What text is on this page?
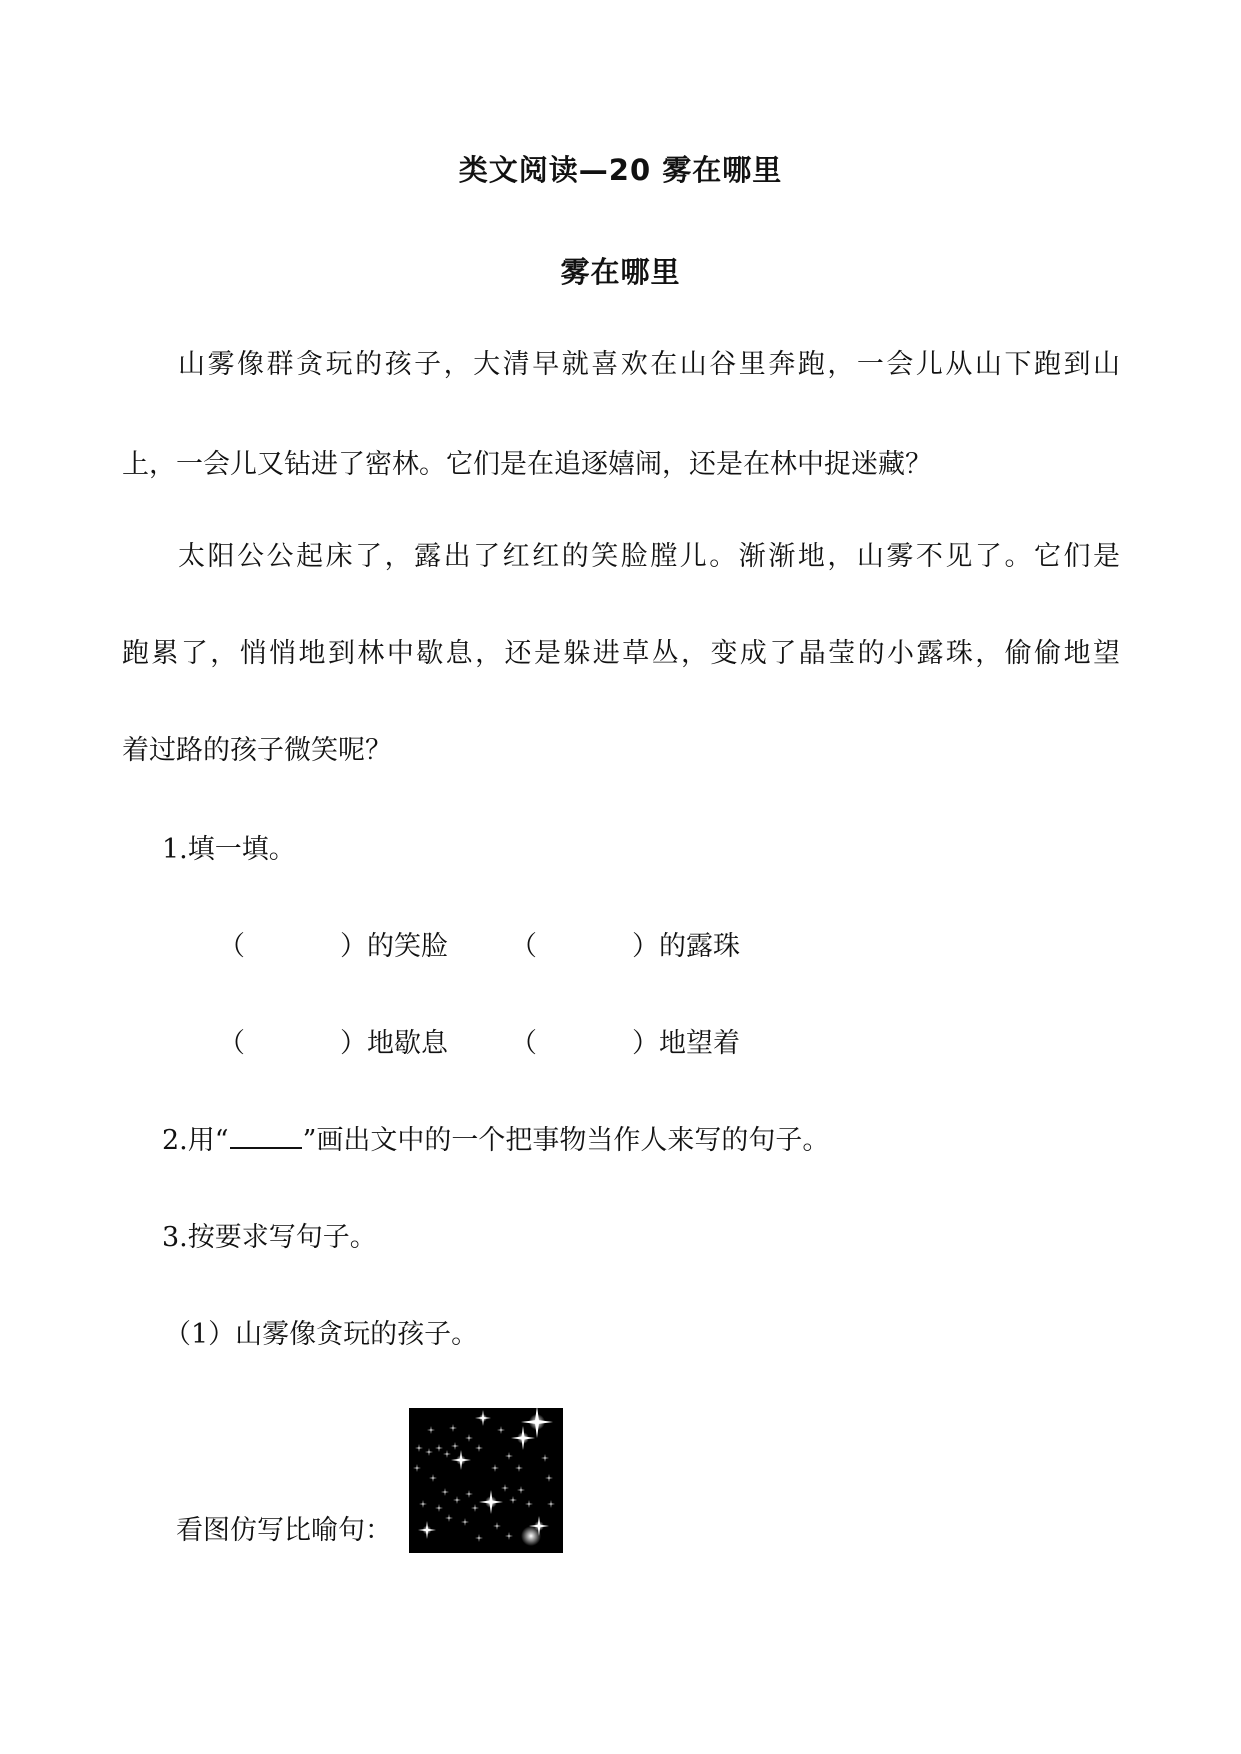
类文阅读—20 雾在哪里
雾在哪里
山雾像群贪玩的孩子，大清早就喜欢在山谷里奔跑，一会儿从山下跑到山
上，一会儿又钻进了密林。它们是在追逐嬉闹，还是在林中捉迷藏？
太阳公公起床了，露出了红红的笑脸膛儿。渐渐地，山雾不见了。它们是
跑累了，悄悄地到林中歇息，还是躲进草丛，变成了晶莹的小露珠，偷偷地望
着过路的孩子微笑呢？
1.填一填。
（	） 的笑脸 （	） 的露珠
（	） 地歇息 （	） 地望着
2.用“	”画出文中的一个把事物当作人来写的句子。
3.按要求写句子。
（1）山雾像贪玩的孩子。
看图仿写比喻句：
